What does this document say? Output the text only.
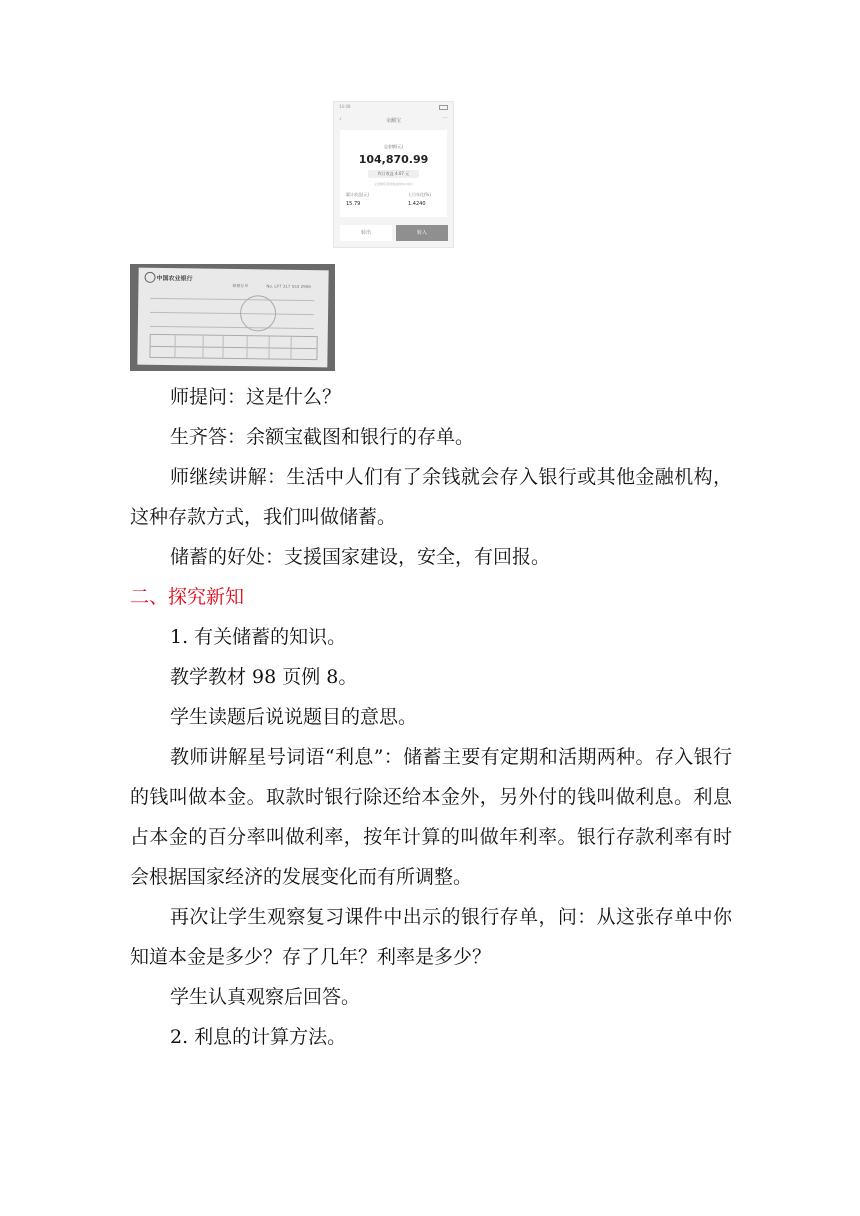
10:08
‹	余额宝	···
总金额(元)
104,870.99
昨日收益 4.07 元
总金额包含待收益的50.00元
累计收益(元)
15.79
七日年化(%)
1.4240
转出	转入
中国农业银行
储蓄存单	No. LP7 317 553 2906

师提问：这是什么？

生齐答：余额宝截图和银行的存单。

师继续讲解：生活中人们有了余钱就会存入银行或其他金融机构，这种存款方式，我们叫做储蓄。

储蓄的好处：支援国家建设，安全，有回报。

二、探究新知

1. 有关储蓄的知识。

教学教材 98 页例 8。

学生读题后说说题目的意思。

教师讲解星号词语“利息”：储蓄主要有定期和活期两种。存入银行的钱叫做本金。取款时银行除还给本金外，另外付的钱叫做利息。利息占本金的百分率叫做利率，按年计算的叫做年利率。银行存款利率有时会根据国家经济的发展变化而有所调整。

再次让学生观察复习课件中出示的银行存单，问：从这张存单中你知道本金是多少？存了几年？利率是多少？

学生认真观察后回答。

2. 利息的计算方法。
